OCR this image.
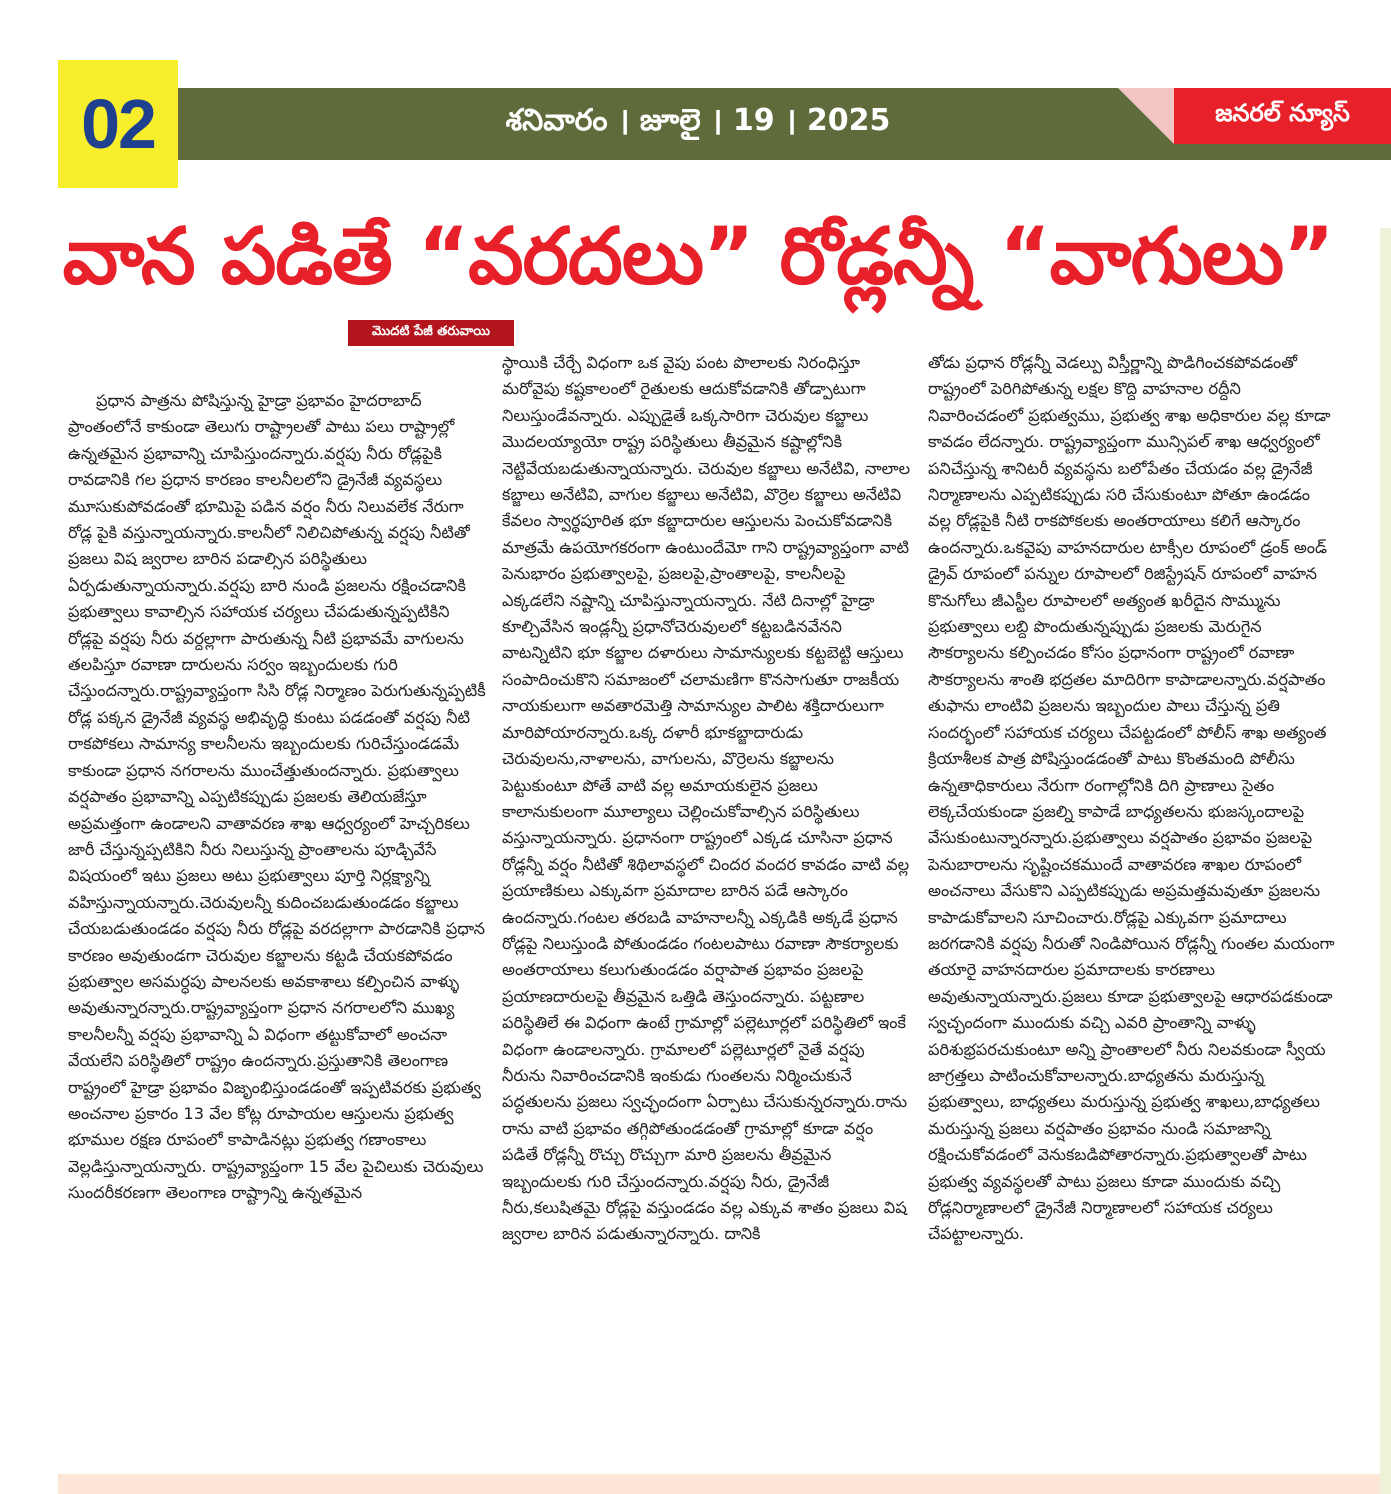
02	శనివారం । జూలై । 19 । 2025	జనరల్ న్యూస్
వాన పడితే “వరదలు” రోడ్లన్నీ “వాగులు”
మొదటి పేజీ తరువాయి

ప్రధాన పాత్రను పోషిస్తున్న హైడ్రా ప్రభావం హైదరాబాద్ ప్రాంతంలోనే కాకుండా తెలుగు రాష్ట్రాలతో పాటు పలు రాష్ట్రాల్లో ఉన్నతమైన ప్రభావాన్ని చూపిస్తుందన్నారు.వర్షపు నీరు రోడ్లపైకి రావడానికి గల ప్రధాన కారణం కాలనీలలోని డ్రైనేజీ వ్యవస్థలు మూసుకుపోవడంతో భూమిపై పడిన వర్షం నీరు నిలువలేక నేరుగా రోడ్ల పైకి వస్తున్నాయన్నారు.కాలనీలో నిలిచిపోతున్న వర్షపు నీటితో ప్రజలు విష జ్వరాల బారిన పడాల్సిన పరిస్థితులు ఏర్పడుతున్నాయన్నారు.వర్షపు బారి నుండి ప్రజలను రక్షించడానికి ప్రభుత్వాలు కావాల్సిన సహాయక చర్యలు చేపడుతున్నప్పటికిని రోడ్లపై వర్షపు నీరు వర్దల్లాగా పారుతున్న నీటి ప్రభావమే వాగులను తలపిస్తూ రవాణా దారులను సర్వం ఇబ్బందులకు గురి చేస్తుందన్నారు.రాష్ట్రవ్యాప్తంగా సిసి రోడ్ల నిర్మాణం పెరుగుతున్నప్పటికీ రోడ్ల పక్కన డ్రైనేజీ వ్యవస్థ అభివృద్ధి కుంటు పడడంతో వర్షపు నీటి రాకపోకలు సామాన్య కాలనీలను ఇబ్బందులకు గురిచేస్తుండడమే కాకుండా ప్రధాన నగరాలను ముంచేత్తుతుందన్నారు. ప్రభుత్వాలు వర్షపాతం ప్రభావాన్ని ఎప్పటికప్పుడు ప్రజలకు తెలియజేస్తూ అప్రమత్తంగా ఉండాలని వాతావరణ శాఖ ఆధ్వర్యంలో హెచ్చరికలు జారీ చేస్తున్నప్పటికిని నీరు నిలుస్తున్న ప్రాంతాలను పూడ్చివేసే విషయంలో ఇటు ప్రజలు అటు ప్రభుత్వాలు పూర్తి నిర్లక్ష్యాన్ని వహిస్తున్నాయన్నారు.చెరువులన్నీ కుదించబడుతుండడం కబ్జాలు చేయబడుతుండడం వర్షపు నీరు రోడ్లపై వరదల్లాగా పారడానికి ప్రధాన కారణం అవుతుండగా చెరువుల కబ్జాలను కట్టడి చేయకపోవడం ప్రభుత్వాల అసమర్ధపు పాలనలకు అవకాశాలు కల్పించిన వాళ్ళు అవుతున్నారన్నారు.రాష్ట్రవ్యాప్తంగా ప్రధాన నగరాలలోని ముఖ్య కాలనీలన్నీ వర్షపు ప్రభావాన్ని ఏ విధంగా తట్టుకోవాలో అంచనా వేయలేని పరిస్థితిలో రాష్ట్రం ఉందన్నారు.ప్రస్తుతానికి తెలంగాణ రాష్ట్రంలో హైడ్రా ప్రభావం విజృంభిస్తుండడంతో ఇప్పటివరకు ప్రభుత్వ అంచనాల ప్రకారం 13 వేల కోట్ల రూపాయల ఆస్తులను ప్రభుత్వ భూముల రక్షణ రూపంలో కాపాడినట్లు ప్రభుత్వ గణాంకాలు వెల్లడిస్తున్నాయన్నారు. రాష్ట్రవ్యాప్తంగా 15 వేల పైచిలుకు చెరువులు సుందరీకరణగా తెలంగాణ రాష్ట్రాన్ని ఉన్నతమైన

స్థాయికి చేర్చే విధంగా ఒక వైపు పంట పొలాలకు నిరంధిస్తూ మరోవైపు కష్టకాలంలో రైతులకు ఆదుకోవడానికి తోడ్పాటుగా నిలుస్తుండేవన్నారు. ఎప్పుడైతే ఒక్కసారిగా చెరువుల కబ్జాలు మొదలయ్యాయో రాష్ట్ర పరిస్థితులు తీవ్రమైన కష్టాల్లోనికి నెట్టివేయబడుతున్నాయన్నారు. చెరువుల కబ్జాలు అనేటివి, నాలాల కబ్జాలు అనేటివి, వాగుల కబ్జాలు అనేటివి, వొర్రెల కబ్జాలు అనేటివి కేవలం స్వార్థపూరిత భూ కబ్జాదారుల ఆస్తులను పెంచుకోవడానికి మాత్రమే ఉపయోగకరంగా ఉంటుందేమో గాని రాష్ట్రవ్యాప్తంగా వాటి పెనుభారం ప్రభుత్వాలపై, ప్రజలపై,ప్రాంతాలపై, కాలనీలపై ఎక్కడలేని నష్టాన్ని చూపిస్తున్నాయన్నారు. నేటి దినాల్లో హైడ్రా కూల్చివేసిన ఇండ్లన్నీ ప్రధానోచెరువులలో కట్టబడినవేనని వాటన్నిటిని భూ కబ్జాల దళారులు సామాన్యులకు కట్టబెట్టి ఆస్తులు సంపాదించుకొని సమాజంలో చలామణిగా కొనసాగుతూ రాజకీయ నాయకులుగా అవతారమెత్తి సామాన్యుల పాలిట శక్తిదారులుగా మారిపోయారన్నారు.ఒక్క దళారీ భూకబ్జాదారుడు చెరువులను,నాళాలను, వాగులను, వొర్రెలను కబ్జాలను పెట్టుకుంటూ పోతే వాటి వల్ల అమాయకులైన ప్రజలు కాలానుకులంగా మూల్యాలు చెల్లించుకోవాల్సిన పరిస్థితులు వస్తున్నాయన్నారు. ప్రధానంగా రాష్ట్రంలో ఎక్కడ చూసినా ప్రధాన రోడ్లన్నీ వర్షం నీటితో శిథిలావస్థలో చిందర వందర కావడం వాటి వల్ల ప్రయాణికులు ఎక్కువగా ప్రమాదాల బారిన పడే ఆస్కారం ఉందన్నారు.గంటల తరబడి వాహనాలన్నీ ఎక్కడికి అక్కడే ప్రధాన రోడ్లపై నిలుస్తుండి పోతుండడం గంటలపాటు రవాణా సౌకర్యాలకు అంతరాయాలు కలుగుతుండడం వర్షాపాత ప్రభావం ప్రజలపై ప్రయాణదారులపై తీవ్రమైన ఒత్తిడి తెస్తుందన్నారు. పట్టణాల పరిస్థితిలే ఈ విధంగా ఉంటే గ్రామాల్లో పల్లెటూర్లలో పరిస్థితిలో ఇంకే విధంగా ఉండాలన్నారు. గ్రామాలలో పల్లెటూర్లలో నైతే వర్షపు నీరును నివారించడానికి ఇంకుడు గుంతలను నిర్మించుకునే పద్ధతులను ప్రజలు స్వచ్ఛందంగా ఏర్పాటు చేసుకున్నరన్నారు.రాను రాను వాటి ప్రభావం తగ్గిపోతుండడంతో గ్రామాల్లో కూడా వర్షం పడితే రోడ్లన్నీ రొచ్చు రొచ్చుగా మారి ప్రజలను తీవ్రమైన ఇబ్బందులకు గురి చేస్తుందన్నారు.వర్షపు నీరు, డ్రైనేజీ నీరు,కలుషితమై రోడ్లపై వస్తుండడం వల్ల ఎక్కువ శాతం ప్రజలు విష జ్వరాల బారిన పడుతున్నారన్నారు. దానికి

తోడు ప్రధాన రోడ్లన్నీ వెడల్పు విస్తీర్ణాన్ని పొడిగించకపోవడంతో రాష్ట్రంలో పెరిగిపోతున్న లక్షల కొద్ది వాహనాల రద్దీని నివారించడంలో ప్రభుత్వము, ప్రభుత్వ శాఖ అధికారుల వల్ల కూడా కావడం లేదన్నారు. రాష్ట్రవ్యాప్తంగా మున్సిపల్ శాఖ ఆధ్వర్యంలో పనిచేస్తున్న శానిటరీ వ్యవస్థను బలోపేతం చేయడం వల్ల డ్రైనేజీ నిర్మాణాలను ఎప్పటికప్పుడు సరి చేసుకుంటూ పోతూ ఉండడం వల్ల రోడ్లపైకి నీటి రాకపోకలకు అంతరాయాలు కలిగే ఆస్కారం ఉందన్నారు.ఒకవైపు వాహనదారుల టాక్సీల రూపంలో డ్రంక్ అండ్ డ్రైవ్ రూపంలో పన్నుల రూపాలలో రిజిస్ట్రేషన్ రూపంలో వాహన కొనుగోలు జీఎస్టీల రూపాలలో అత్యంత ఖరీదైన సొమ్మును ప్రభుత్వాలు లబ్ది పొందుతున్నప్పుడు ప్రజలకు మెరుగైన సౌకర్యాలను కల్పించడం కోసం ప్రధానంగా రాష్ట్రంలో రవాణా సౌకర్యాలను శాంతి భద్రతల మాదిరిగా కాపాడాలన్నారు.వర్షపాతం తుఫాను లాంటివి ప్రజలను ఇబ్బందుల పాలు చేస్తున్న ప్రతి సందర్భంలో సహాయక చర్యలు చేపట్టడంలో పోలీస్ శాఖ అత్యంత క్రియాశీలక పాత్ర పోషిస్తుండడంతో పాటు కొంతమంది పోలీసు ఉన్నతాధికారులు నేరుగా రంగాల్లోనికి దిగి ప్రాణాలు సైతం లెక్కచేయకుండా ప్రజల్ని కాపాడే బాధ్యతలను భుజస్కందాలపై వేసుకుంటున్నారన్నారు.ప్రభుత్వాలు వర్షపాతం ప్రభావం ప్రజలపై పెనుబారాలను సృష్టించకముందే వాతావరణ శాఖల రూపంలో అంచనాలు వేసుకొని ఎప్పటికప్పుడు అప్రమత్తమవుతూ ప్రజలను కాపాడుకోవాలని సూచించారు.రోడ్లపై ఎక్కువగా ప్రమాదాలు జరగడానికి వర్షపు నీరుతో నిండిపోయిన రోడ్లన్నీ గుంతల మయంగా తయారై వాహనదారుల ప్రమాదాలకు కారణాలు అవుతున్నాయన్నారు.ప్రజలు కూడా ప్రభుత్వాలపై ఆధారపడకుండా స్వచ్ఛందంగా ముందుకు వచ్చి ఎవరి ప్రాంతాన్ని వాళ్ళు పరిశుభ్రపరచుకుంటూ అన్ని ప్రాంతాలలో నీరు నిలవకుండా స్వీయ జాగ్రత్తలు పాటించుకోవాలన్నారు.బాధ్యతను మరుస్తున్న ప్రభుత్వాలు, బాధ్యతలు మరుస్తున్న ప్రభుత్వ శాఖలు,బాధ్యతలు మరుస్తున్న ప్రజలు వర్షపాతం ప్రభావం నుండి సమాజాన్ని రక్షించుకోవడంలో వెనుకబడిపోతారన్నారు.ప్రభుత్వాలతో పాటు ప్రభుత్వ వ్యవస్థలతో పాటు ప్రజలు కూడా ముందుకు వచ్చి రోడ్లనిర్మాణాలలో డ్రైనేజీ నిర్మాణాలలో సహాయక చర్యలు చేపట్టాలన్నారు.
